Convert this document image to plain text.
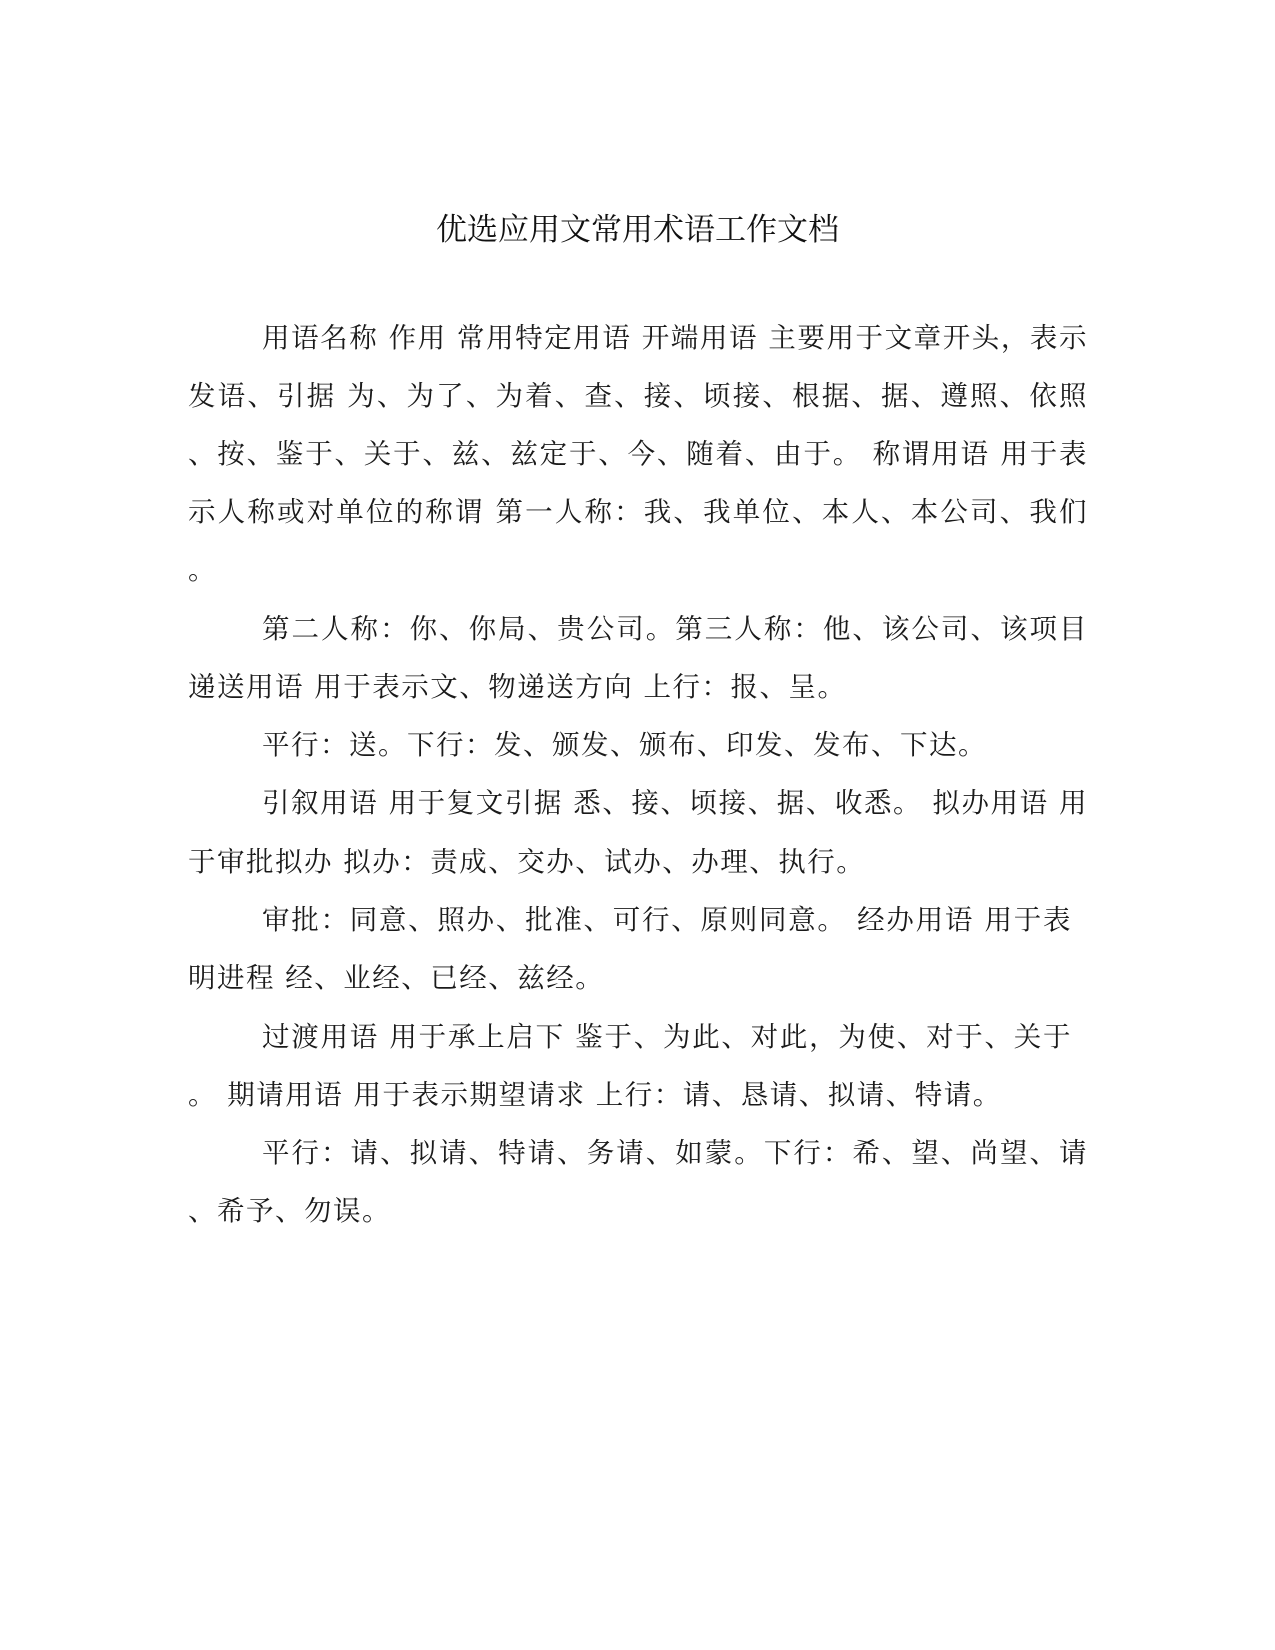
优选应用文常用术语工作文档
用语名称 作用 常用特定用语 开端用语 主要用于文章开头，表示
发语、引据 为、为了、为着、查、接、顷接、根据、据、遵照、依照
、按、鉴于、关于、兹、兹定于、今、随着、由于。 称谓用语 用于表
示人称或对单位的称谓 第一人称：我、我单位、本人、本公司、我们
。
第二人称：你、你局、贵公司。第三人称：他、该公司、该项目
递送用语 用于表示文、物递送方向 上行：报、呈。
平行：送。下行：发、颁发、颁布、印发、发布、下达。
引叙用语 用于复文引据 悉、接、顷接、据、收悉。 拟办用语 用
于审批拟办 拟办：责成、交办、试办、办理、执行。
审批：同意、照办、批准、可行、原则同意。 经办用语 用于表
明进程 经、业经、已经、兹经。
过渡用语 用于承上启下 鉴于、为此、对此，为使、对于、关于
。 期请用语 用于表示期望请求 上行：请、恳请、拟请、特请。
平行：请、拟请、特请、务请、如蒙。下行：希、望、尚望、请
、希予、勿误。
